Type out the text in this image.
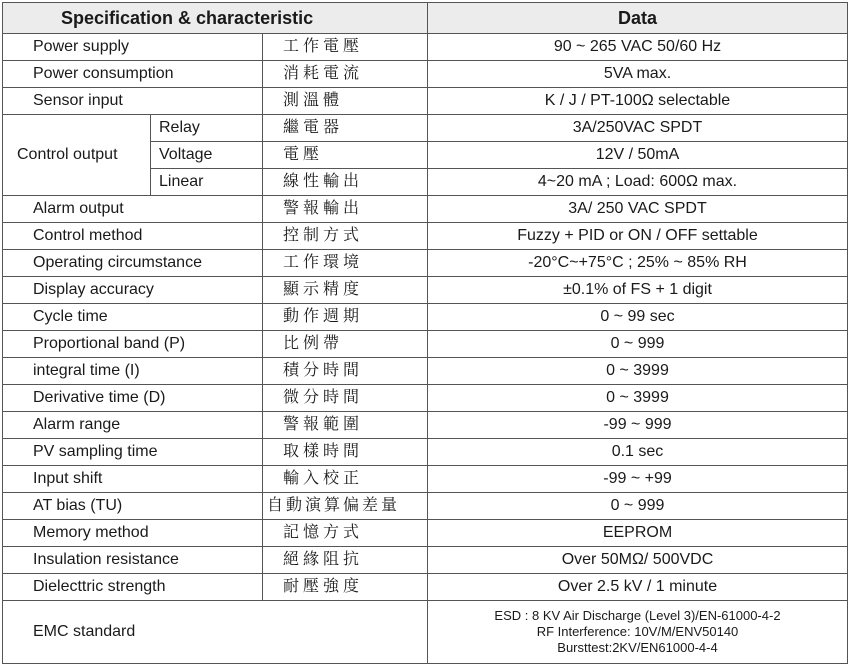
Specification & characteristic			Data
Power supply		工作電壓	90 ~ 265 VAC 50/60 Hz
Power consumption		消耗電流	5VA max.
Sensor input		測溫體	K / J / PT-100Ω selectable
Control output	Relay	繼電器	3A/250VAC SPDT
	Voltage	電壓	12V / 50mA
	Linear	線性輸出	4~20 mA ; Load: 600Ω max.
Alarm output		警報輸出	3A/ 250 VAC SPDT
Control method		控制方式	Fuzzy + PID or ON / OFF settable
Operating circumstance		工作環境	-20°C~+75°C ; 25% ~ 85% RH
Display accuracy		顯示精度	±0.1% of FS + 1 digit
Cycle time		動作週期	0 ~ 99 sec
Proportional band (P)		比例帶	0 ~ 999
integral time (I)		積分時間	0 ~ 3999
Derivative time (D)		微分時間	0 ~ 3999
Alarm range		警報範圍	-99 ~ 999
PV sampling time		取樣時間	0.1 sec
Input shift		輸入校正	-99 ~ +99
AT bias (TU)		自動演算偏差量	0 ~ 999
Memory method		記憶方式	EEPROM
Insulation resistance		絕緣阻抗	Over 50MΩ/ 500VDC
Dielecttric strength		耐壓強度	Over 2.5 kV / 1 minute
EMC standard			ESD : 8 KV Air Discharge (Level 3)/EN-61000-4-2
RF Interference: 10V/M/ENV50140
Bursttest:2KV/EN61000-4-4
